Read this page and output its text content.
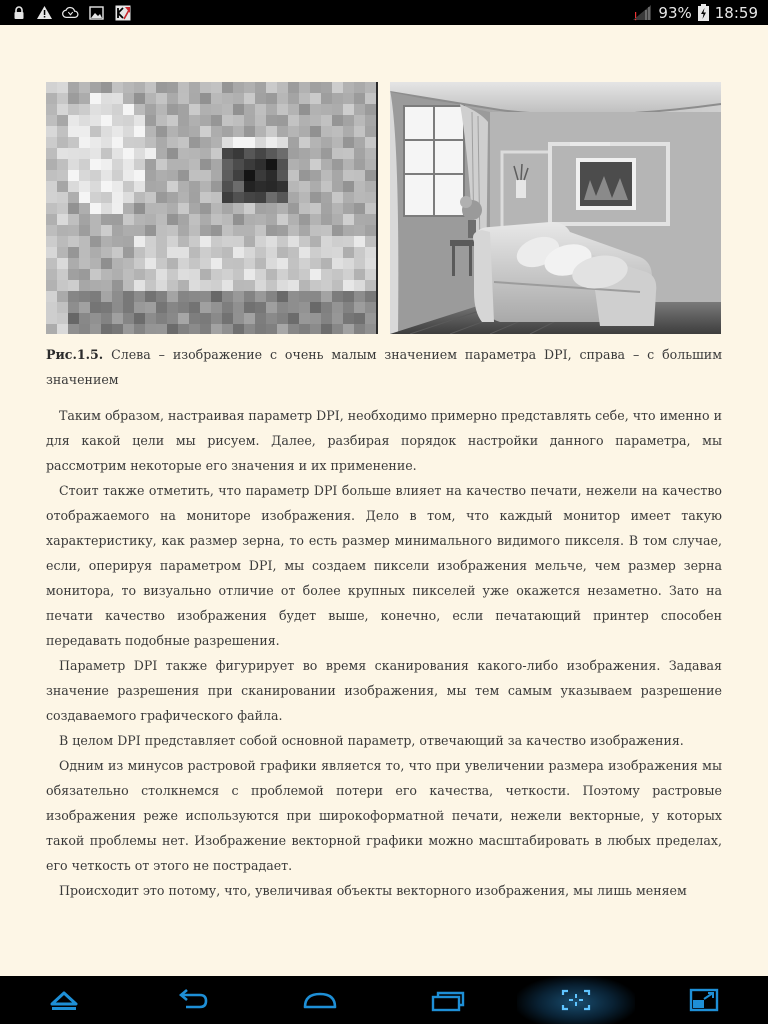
93% 18:59
Рис.1.5. Слева – изображение с очень малым значением параметра DPI, справа – с большим значением

Таким образом, настраивая параметр DPI, необходимо примерно представлять себе, что именно и для какой цели мы рисуем. Далее, разбирая порядок настройки данного параметра, мы рассмотрим некоторые его значения и их применение.

Стоит также отметить, что параметр DPI больше влияет на качество печати, нежели на качество отображаемого на мониторе изображения. Дело в том, что каждый монитор имеет такую характеристику, как размер зерна, то есть размер минимального видимого пикселя. В том случае, если, оперируя параметром DPI, мы создаем пиксели изображения мельче, чем размер зерна монитора, то визуально отличие от более крупных пикселей уже окажется незаметно. Зато на печати качество изображения будет выше, конечно, если печатающий принтер способен передавать подобные разрешения.

Параметр DPI также фигурирует во время сканирования какого-либо изображения. Задавая значение разрешения при сканировании изображения, мы тем самым указываем разрешение создаваемого графического файла.

В целом DPI представляет собой основной параметр, отвечающий за качество изображения.

Одним из минусов растровой графики является то, что при увеличении размера изображения мы обязательно столкнемся с проблемой потери его качества, четкости. Поэтому растровые изображения реже используются при широкоформатной печати, нежели векторные, у которых такой проблемы нет. Изображение векторной графики можно масштабировать в любых пределах, его четкость от этого не пострадает.

Происходит это потому, что, увеличивая объекты векторного изображения, мы лишь меняем
